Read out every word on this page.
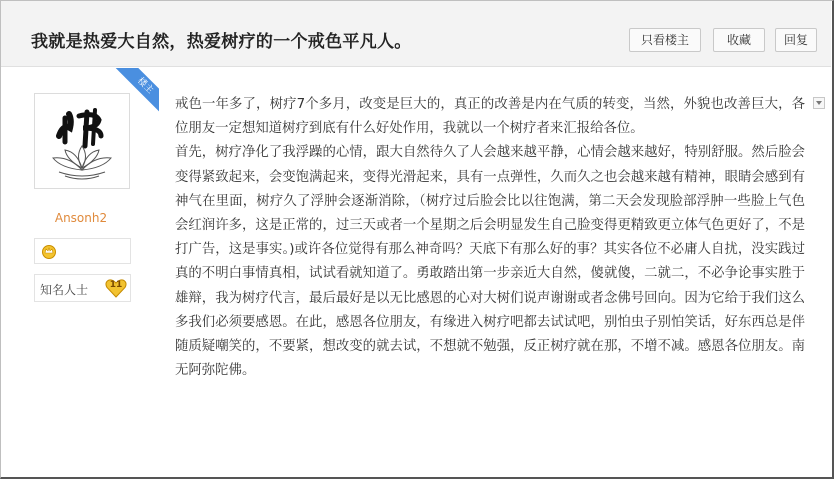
我就是热爱大自然，热爱树疗的一个戒色平凡人。	只看楼主	收藏	回复
楼主
Ansonh2
知名人士	11

戒色一年多了，树疗7个多月，改变是巨大的，真正的改善是内在气质的转变，当然，外貌也改善巨大，各位朋友一定想知道树疗到底有什么好处作用，我就以一个树疗者来汇报给各位。

首先，树疗净化了我浮躁的心情，跟大自然待久了人会越来越平静，心情会越来越好，特别舒服。然后脸会变得紧致起来，会变饱满起来，变得光滑起来，具有一点弹性，久而久之也会越来越有精神，眼睛会感到有神气在里面，树疗久了浮肿会逐渐消除，（树疗过后脸会比以往饱满，第二天会发现脸部浮肿一些脸上气色会红润许多，这是正常的，过三天或者一个星期之后会明显发生自己脸变得更精致更立体气色更好了，不是打广告，这是事实。)或许各位觉得有那么神奇吗？天底下有那么好的事？其实各位不必庸人自扰，没实践过真的不明白事情真相，试试看就知道了。勇敢踏出第一步亲近大自然，傻就傻，二就二，不必争论事实胜于雄辩，我为树疗代言，最后最好是以无比感恩的心对大树们说声谢谢或者念佛号回向。因为它给于我们这么多我们必须要感恩。在此，感恩各位朋友，有缘进入树疗吧都去试试吧，别怕虫子别怕笑话，好东西总是伴随质疑嘲笑的，不要紧，想改变的就去试，不想就不勉强，反正树疗就在那，不增不减。感恩各位朋友。南无阿弥陀佛。
